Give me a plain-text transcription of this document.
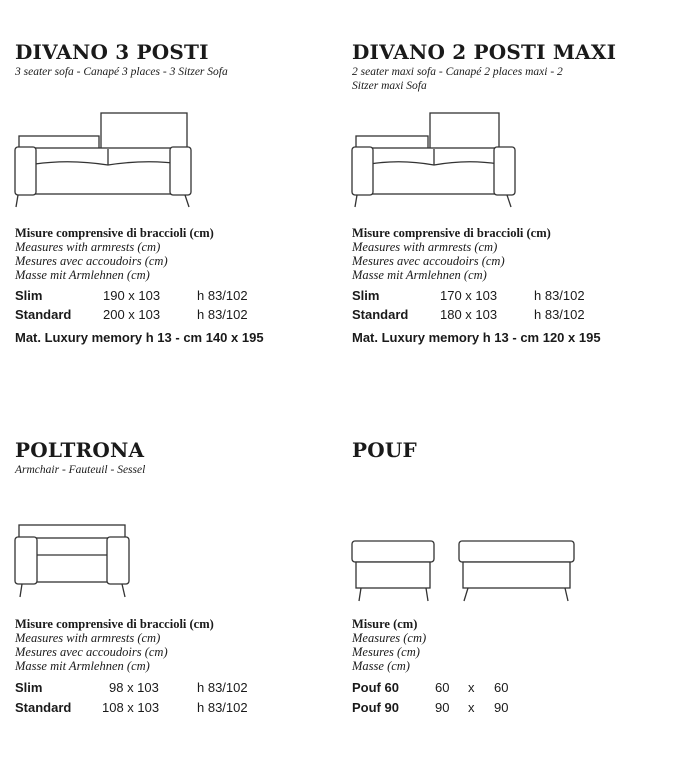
DIVANO 3 POSTI
3 seater sofa - Canapé 3 places - 3 Sitzer Sofa
Misure comprensive di braccioli (cm)
Measures with armrests (cm)
Mesures avec accoudoirs (cm)
Masse mit Armlehnen (cm)
Slim	190 x 103	h 83/102
Standard 200 x 103	h 83/102
Mat. Luxury memory h 13 - cm 140 x 195
DIVANO 2 POSTI MAXI
2 seater maxi sofa - Canapé 2 places maxi - 2
Sitzer maxi Sofa
Misure comprensive di braccioli (cm)
Measures with armrests (cm)
Mesures avec accoudoirs (cm)
Masse mit Armlehnen (cm)
Slim	170 x 103	h 83/102
Standard 180 x 103	h 83/102
Mat. Luxury memory h 13 - cm 120 x 195
POLTRONA
Armchair - Fauteuil - Sessel
Misure comprensive di braccioli (cm)
Measures with armrests (cm)
Mesures avec accoudoirs (cm)
Masse mit Armlehnen (cm)
Slim	98 x 103	h 83/102
Standard 108 x 103	h 83/102
POUF
Misure (cm)
Measures (cm)
Mesures (cm)
Masse (cm)
Pouf 60	60 x 60
Pouf 90	90 x 90
